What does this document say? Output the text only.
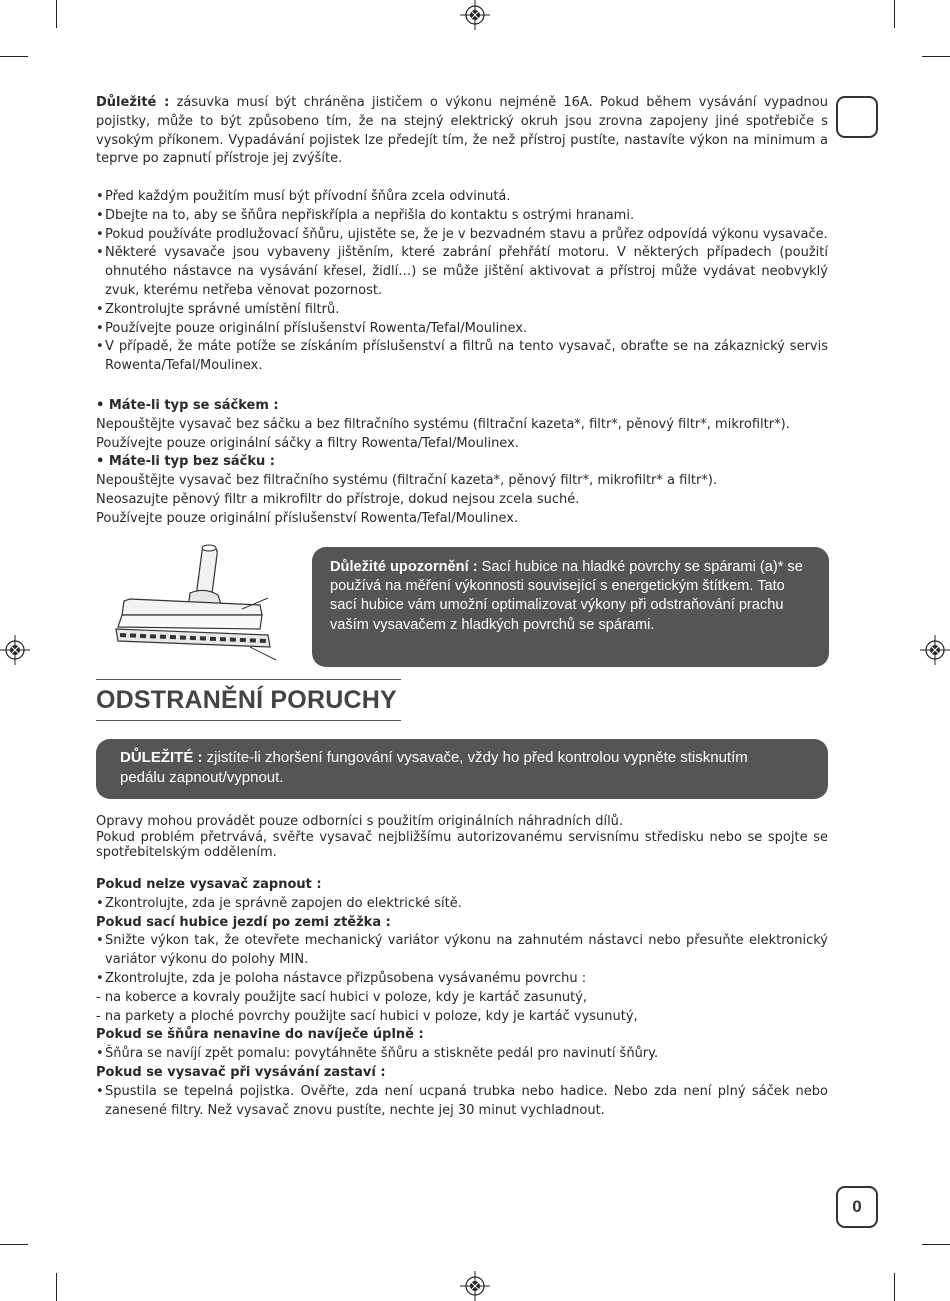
Důležité : zásuvka musí být chráněna jističem o výkonu nejméně 16A. Pokud během vysávání vypadnou pojistky, může to být způsobeno tím, že na stejný elektrický okruh jsou zrovna zapojeny jiné spotřebiče s vysokým příkonem. Vypadávání pojistek lze předejít tím, že než přístroj pustíte, nastavíte výkon na minimum a teprve po zapnutí přístroje jej zvýšíte.
• Před každým použitím musí být přívodní šňůra zcela odvinutá.
• Dbejte na to, aby se šňůra nepřiskřípla a nepřišla do kontaktu s ostrými hranami.
• Pokud používáte prodlužovací šňůru, ujistěte se, že je v bezvadném stavu a průřez odpovídá výkonu vysavače.
• Některé vysavače jsou vybaveny jištěním, které zabrání přehřátí motoru. V některých případech (použití ohnutého nástavce na vysávání křesel, židlí…) se může jištění aktivovat a přístroj může vydávat neobvyklý zvuk, kterému netřeba věnovat pozornost.
• Zkontrolujte správné umístění filtrů.
• Používejte pouze originální příslušenství Rowenta/Tefal/Moulinex.
• V případě, že máte potíže se získáním příslušenství a filtrů na tento vysavač, obraťte se na zákaznický servis Rowenta/Tefal/Moulinex.
• Máte-li typ se sáčkem :
Nepouštějte vysavač bez sáčku a bez filtračního systému (filtrační kazeta*, filtr*, pěnový filtr*, mikrofiltr*).
Používejte pouze originální sáčky a filtry Rowenta/Tefal/Moulinex.
• Máte-li typ bez sáčku :
Nepouštějte vysavač bez filtračního systému (filtrační kazeta*, pěnový filtr*, mikrofiltr* a filtr*).
Neosazujte pěnový filtr a mikrofiltr do přístroje, dokud nejsou zcela suché.
Používejte pouze originální příslušenství Rowenta/Tefal/Moulinex.
Důležité upozornění : Sací hubice na hladké povrchy se spárami (a)* se používá na měření výkonnosti související s energetickým štítkem. Tato sací hubice vám umožní optimalizovat výkony při odstraňování prachu vaším vysavačem z hladkých povrchů se spárami.
ODSTRANĚNÍ PORUCHY
DŮLEŽITÉ : zjistíte-li zhoršení fungování vysavače, vždy ho před kontrolou vypněte stisknutím pedálu zapnout/vypnout.
Opravy mohou provádět pouze odborníci s použitím originálních náhradních dílů.
Pokud problém přetrvává, svěřte vysavač nejbližšímu autorizovanému servisnímu středisku nebo se spojte se spotřebitelským oddělením.
Pokud nelze vysavač zapnout :
• Zkontrolujte, zda je správně zapojen do elektrické sítě.
Pokud sací hubice jezdí po zemi ztěžka :
• Snižte výkon tak, že otevřete mechanický variátor výkonu na zahnutém nástavci nebo přesuňte elektronický variátor výkonu do polohy MIN.
• Zkontrolujte, zda je poloha nástavce přizpůsobena vysávanému povrchu :
- na koberce a kovraly použijte sací hubici v poloze, kdy je kartáč zasunutý,
- na parkety a ploché povrchy použijte sací hubici v poloze, kdy je kartáč vysunutý,
Pokud se šňůra nenavine do navíječe úplně :
• Šňůra se navíjí zpět pomalu: povytáhněte šňůru a stiskněte pedál pro navinutí šňůry.
Pokud se vysavač při vysávání zastaví :
• Spustila se tepelná pojistka. Ověřte, zda není ucpaná trubka nebo hadice. Nebo zda není plný sáček nebo zanesené filtry. Než vysavač znovu pustíte, nechte jej 30 minut vychladnout.
0
